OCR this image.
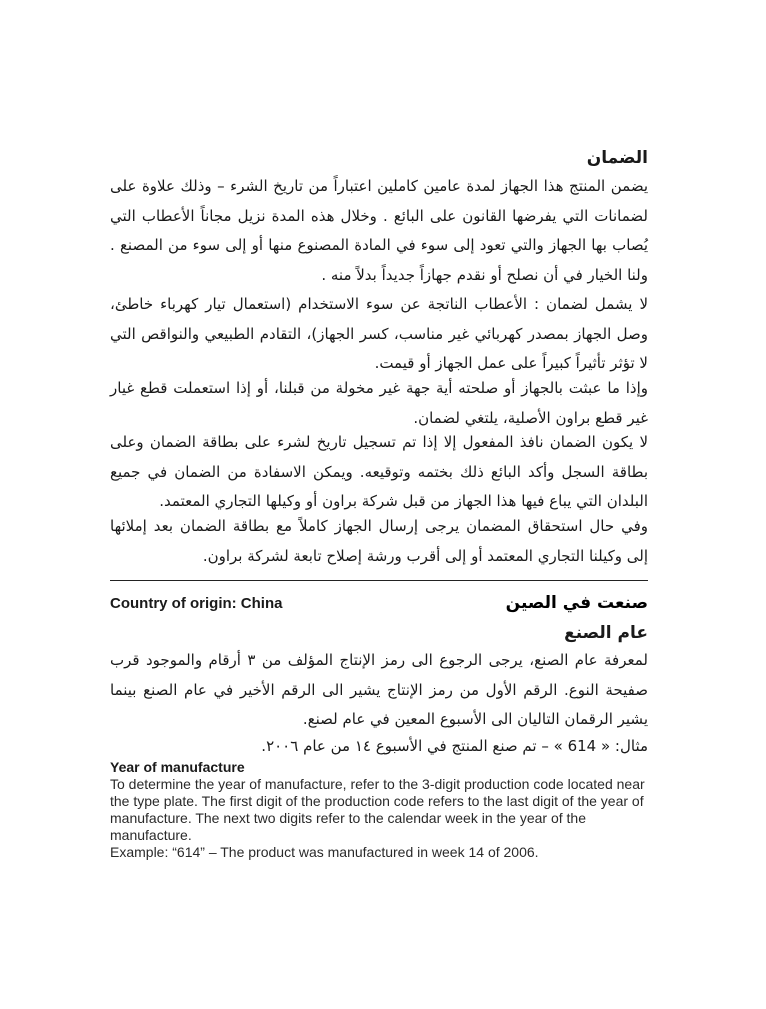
الضمان

يضمن المنتج هذا الجهاز لمدة عامين كاملين اعتباراً من تاريخ الشرء – وذلك علاوة على لضمانات التي يفرضها القانون على البائع . وخلال هذه المدة نزيل مجاناً الأعطاب التي يُصاب بها الجهاز والتي تعود إلى سوء في المادة المصنوع منها أو إلى سوء من المصنع . ولنا الخيار في أن نصلح أو نقدم جهازاً جديداً بدلاً منه .

لا يشمل لضمان : الأعطاب الناتجة عن سوء الاستخدام (استعمال تيار كهرباء خاطئ، وصل الجهاز بمصدر كهربائي غير مناسب، كسر الجهاز)، التقادم الطبيعي والنواقص التي لا تؤثر تأثيراً كبيراً على عمل الجهاز أو قيمت.

وإذا ما عبثت بالجهاز أو صلحته أية جهة غير مخولة من قبلنا، أو إذا استعملت قطع غيار غير قطع براون الأصلية، يلتغي لضمان.

لا يكون الضمان نافذ المفعول إلا إذا تم تسجيل تاريخ لشرء على بطاقة الضمان وعلى بطاقة السجل وأكد البائع ذلك بختمه وتوقيعه. ويمكن الاسفادة من الضمان في جميع البلدان التي يباع فيها هذا الجهاز من قبل شركة براون أو وكيلها التجاري المعتمد.

وفي حال استحقاق المضمان يرجى إرسال الجهاز كاملاً مع بطاقة الضمان بعد إملائها إلى وكيلنا التجاري المعتمد أو إلى أقرب ورشة إصلاح تابعة لشركة براون.

Country of origin: China	صنعت في الصين
عام الصنع

لمعرفة عام الصنع، يرجى الرجوع الى رمز الإنتاج المؤلف من ٣ أرقام والموجود قرب صفيحة النوع. الرقم الأول من رمز الإنتاج يشير الى الرقم الأخير في عام الصنع بينما يشير الرقمان التاليان الى الأسبوع المعين في عام لصنع.

مثال: « 614 » – تم صنع المنتج في الأسبوع ١٤ من عام ٢٠٠٦.

Year of manufacture

To determine the year of manufacture, refer to the 3-digit production code located near the type plate. The first digit of the production code refers to the last digit of the year of manufacture. The next two digits refer to the calendar week in the year of the manufacture.
Example: “614” – The product was manufactured in week 14 of 2006.
